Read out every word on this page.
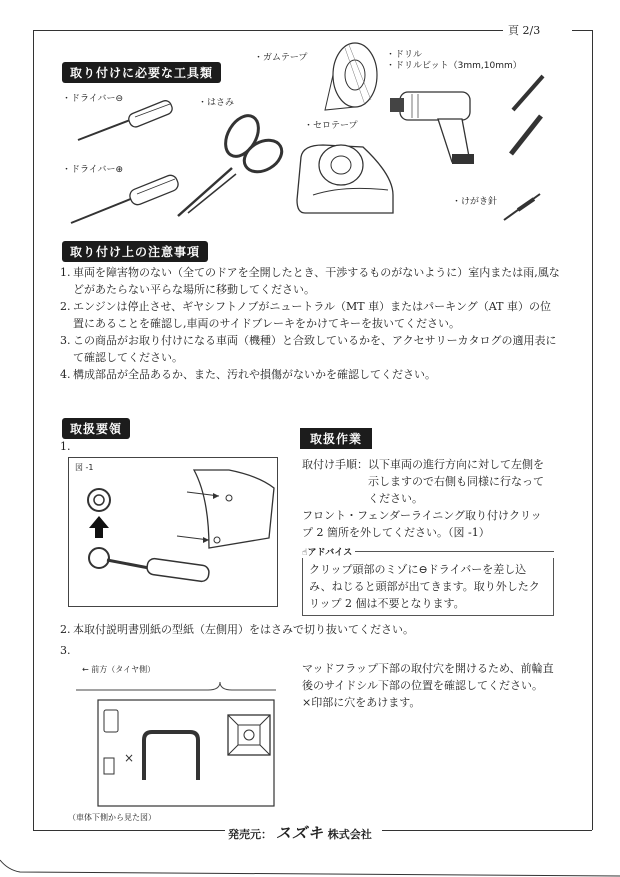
頁 2/3
取り付けに必要な工具類
・ドライバー⊖
・ドライバー⊕
・はさみ
・ガムテープ
・セロテープ
・ドリル
・ドリルビット（3mm,10mm）
・けがき針
取り付け上の注意事項
1. 車両を障害物のない（全てのドアを全開したとき、干渉するものがないように）室内または雨,風などがあたらない平らな場所に移動してください。
2. エンジンは停止させ、ギヤシフトノブがニュートラル（MT 車）またはパーキング（AT 車）の位置にあることを確認し,車両のサイドブレーキをかけてキーを抜いてください。
3. この商品がお取り付けになる車両（機種）と合致しているかを、アクセサリーカタログの適用表にて確認してください。
4. 構成部品が全品あるか、また、汚れや損傷がないかを確認してください。
取扱要領
1.
図 -1
取扱作業
取付け手順： 以下車両の進行方向に対して左側を示しますので右側も同様に行なってください。
フロント・フェンダーライニング取り付けクリップ 2 箇所を外してください。（図 -1）
☝アドバイス
クリップ頭部のミゾに⊖ドライバーを差し込み、ねじると頭部が出てきます。取り外したクリップ 2 個は不要となります。
2. 本取付説明書別紙の型紙（左側用）をはさみで切り抜いてください。
3.
← 前方（タイヤ側）
×
（車体下側から見た図）
マッドフラップ下部の取付穴を開けるため、前輪直後のサイドシル下部の位置を確認してください。
×印部に穴をあけます。
発売元： スズキ 株式会社
